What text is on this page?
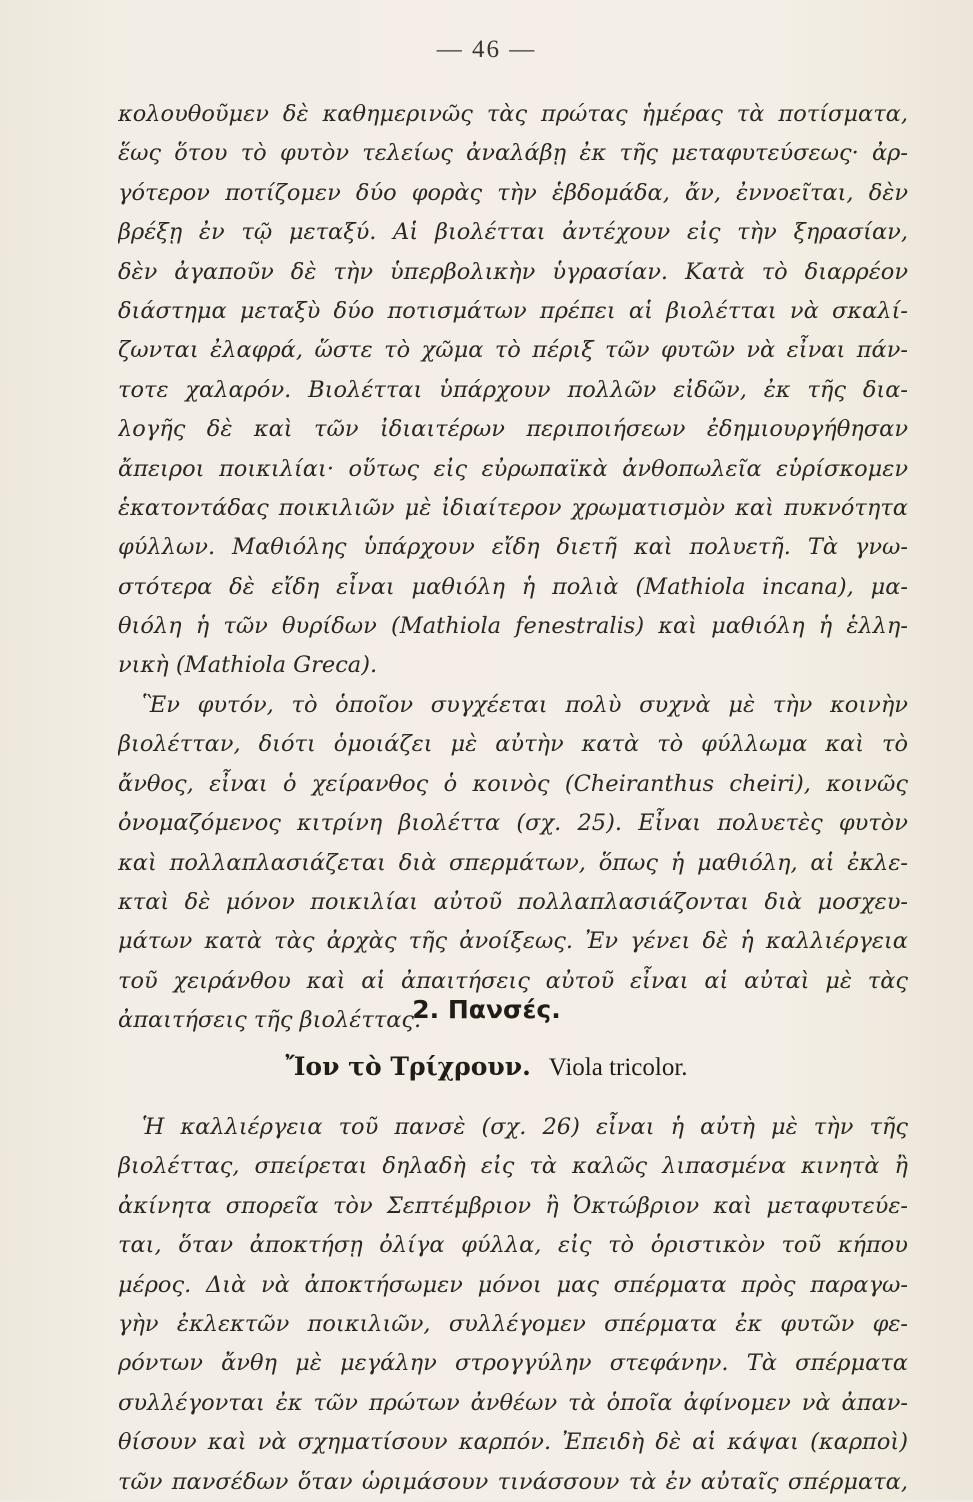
— 46 —
κολουθοῦμεν δὲ καθημερινῶς τὰς πρώτας ἡμέρας τὰ ποτίσματα,
ἕως ὅτου τὸ φυτὸν τελείως ἀναλάβῃ ἐκ τῆς μεταφυτεύσεως· ἀρ-
γότερον ποτίζομεν δύο φορὰς τὴν ἑβδομάδα, ἄν, ἐννοεῖται, δὲν
βρέξῃ ἐν τῷ μεταξύ. Αἱ βιολέτται ἀντέχουν εἰς τὴν ξηρασίαν,
δὲν ἀγαποῦν δὲ τὴν ὑπερβολικὴν ὑγρασίαν. Κατὰ τὸ διαρρέον
διάστημα μεταξὺ δύο ποτισμάτων πρέπει αἱ βιολέτται νὰ σκαλί-
ζωνται ἐλαφρά, ὥστε τὸ χῶμα τὸ πέριξ τῶν φυτῶν νὰ εἶναι πάν-
τοτε χαλαρόν. Βιολέτται ὑπάρχουν πολλῶν εἰδῶν, ἐκ τῆς δια-
λογῆς δὲ καὶ τῶν ἰδιαιτέρων περιποιήσεων ἐδημιουργήθησαν
ἄπειροι ποικιλίαι· οὕτως εἰς εὐρωπαϊκὰ ἀνθοπωλεῖα εὑρίσκομεν
ἑκατοντάδας ποικιλιῶν μὲ ἰδιαίτερον χρωματισμὸν καὶ πυκνότητα
φύλλων. Μαθιόλης ὑπάρχουν εἴδη διετῆ καὶ πολυετῆ. Τὰ γνω-
στότερα δὲ εἴδη εἶναι μαθιόλη ἡ πολιὰ (Mathiola incana), μα-
θιόλη ἡ τῶν θυρίδων (Mathiola fenestralis) καὶ μαθιόλη ἡ ἑλλη-
νικὴ (Mathiola Greca).
Ἓν φυτόν, τὸ ὁποῖον συγχέεται πολὺ συχνὰ μὲ τὴν κοινὴν
βιολέτταν, διότι ὁμοιάζει μὲ αὐτὴν κατὰ τὸ φύλλωμα καὶ τὸ
ἄνθος, εἶναι ὁ χείρανθος ὁ κοινὸς (Cheiranthus cheiri), κοινῶς
ὀνομαζόμενος κιτρίνη βιολέττα (σχ. 25). Εἶναι πολυετὲς φυτὸν
καὶ πολλαπλασιάζεται διὰ σπερμάτων, ὅπως ἡ μαθιόλη, αἱ ἐκλε-
κταὶ δὲ μόνον ποικιλίαι αὐτοῦ πολλαπλασιάζονται διὰ μοσχευ-
μάτων κατὰ τὰς ἀρχὰς τῆς ἀνοίξεως. Ἐν γένει δὲ ἡ καλλιέργεια
τοῦ χειράνθου καὶ αἱ ἀπαιτήσεις αὐτοῦ εἶναι αἱ αὐταὶ μὲ τὰς
ἀπαιτήσεις τῆς βιολέττας.
2. Πανσές.
Ἴον τὸ Τρίχρουν. Viola tricolor.
Ἡ καλλιέργεια τοῦ πανσὲ (σχ. 26) εἶναι ἡ αὐτὴ μὲ τὴν τῆς
βιολέττας, σπείρεται δηλαδὴ εἰς τὰ καλῶς λιπασμένα κινητὰ ἢ
ἀκίνητα σπορεῖα τὸν Σεπτέμβριον ἢ Ὀκτώβριον καὶ μεταφυτεύε-
ται, ὅταν ἀποκτήσῃ ὀλίγα φύλλα, εἰς τὸ ὁριστικὸν τοῦ κήπου
μέρος. Διὰ νὰ ἀποκτήσωμεν μόνοι μας σπέρματα πρὸς παραγω-
γὴν ἐκλεκτῶν ποικιλιῶν, συλλέγομεν σπέρματα ἐκ φυτῶν φε-
ρόντων ἄνθη μὲ μεγάλην στρογγύλην στεφάνην. Τὰ σπέρματα
συλλέγονται ἐκ τῶν πρώτων ἀνθέων τὰ ὁποῖα ἀφίνομεν νὰ ἀπαν-
θίσουν καὶ νὰ σχηματίσουν καρπόν. Ἐπειδὴ δὲ αἱ κάψαι (καρποὶ)
τῶν πανσέδων ὅταν ὡριμάσουν τινάσσουν τὰ ἐν αὐταῖς σπέρματα,
